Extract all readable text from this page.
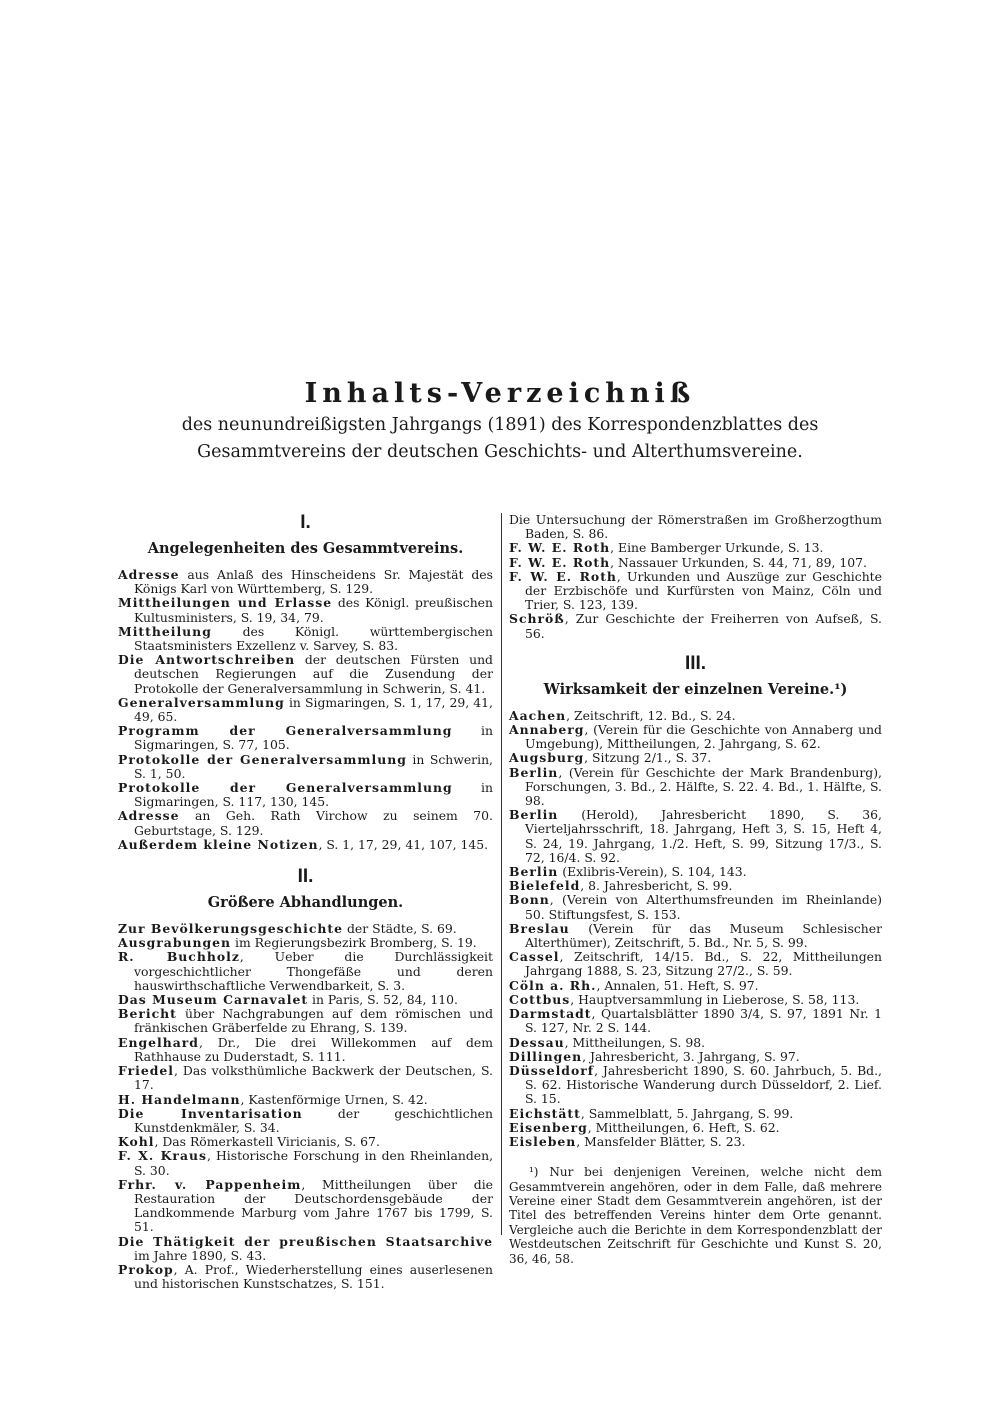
Inhalts-Verzeichniß
des neunundreißigsten Jahrgangs (1891) des Korrespondenzblattes des Gesammtvereins der deutschen Geschichts- und Alterthumsvereine.
I.
Angelegenheiten des Gesammtvereins.

Adresse aus Anlaß des Hinscheidens Sr. Majestät des Königs Karl von Württemberg, S. 129.

Mittheilungen und Erlasse des Königl. preußischen Kultusministers, S. 19, 34, 79.

Mittheilung des Königl. württembergischen Staatsministers Exzellenz v. Sarvey, S. 83.

Die Antwortschreiben der deutschen Fürsten und deutschen Regierungen auf die Zusendung der Protokolle der Generalversammlung in Schwerin, S. 41.

Generalversammlung in Sigmaringen, S. 1, 17, 29, 41, 49, 65.

Programm der Generalversammlung in Sigmaringen, S. 77, 105.

Protokolle der Generalversammlung in Schwerin, S. 1, 50.

Protokolle der Generalversammlung in Sigmaringen, S. 117, 130, 145.

Adresse an Geh. Rath Virchow zu seinem 70. Geburtstage, S. 129.

Außerdem kleine Notizen, S. 1, 17, 29, 41, 107, 145.

II.
Größere Abhandlungen.

Zur Bevölkerungsgeschichte der Städte, S. 69.

Ausgrabungen im Regierungsbezirk Bromberg, S. 19.

R. Buchholz, Ueber die Durchlässigkeit vorgeschichtlicher Thongefäße und deren hauswirthschaftliche Verwendbarkeit, S. 3.

Das Museum Carnavalet in Paris, S. 52, 84, 110.

Bericht über Nachgrabungen auf dem römischen und fränkischen Gräberfelde zu Ehrang, S. 139.

Engelhard, Dr., Die drei Willekommen auf dem Rathhause zu Duderstadt, S. 111.

Friedel, Das volksthümliche Backwerk der Deutschen, S. 17.

H. Handelmann, Kastenförmige Urnen, S. 42.

Die Inventarisation der geschichtlichen Kunstdenkmäler, S. 34.

Kohl, Das Römerkastell Viricianis, S. 67.

F. X. Kraus, Historische Forschung in den Rheinlanden, S. 30.

Frhr. v. Pappenheim, Mittheilungen über die Restauration der Deutschordensgebäude der Landkommende Marburg vom Jahre 1767 bis 1799, S. 51.

Die Thätigkeit der preußischen Staatsarchive im Jahre 1890, S. 43.

Prokop, A. Prof., Wiederherstellung eines auserlesenen und historischen Kunstschatzes, S. 151.

Die Untersuchung der Römerstraßen im Großherzogthum Baden, S. 86.

F. W. E. Roth, Eine Bamberger Urkunde, S. 13.

F. W. E. Roth, Nassauer Urkunden, S. 44, 71, 89, 107.

F. W. E. Roth, Urkunden und Auszüge zur Geschichte der Erzbischöfe und Kurfürsten von Mainz, Cöln und Trier, S. 123, 139.

Schröß, Zur Geschichte der Freiherren von Aufseß, S. 56.

III.
Wirksamkeit der einzelnen Vereine.¹)

Aachen, Zeitschrift, 12. Bd., S. 24.

Annaberg, (Verein für die Geschichte von Annaberg und Umgebung), Mittheilungen, 2. Jahrgang, S. 62.

Augsburg, Sitzung 2/1., S. 37.

Berlin, (Verein für Geschichte der Mark Brandenburg), Forschungen, 3. Bd., 2. Hälfte, S. 22. 4. Bd., 1. Hälfte, S. 98.

Berlin (Herold), Jahresbericht 1890, S. 36, Vierteljahrsschrift, 18. Jahrgang, Heft 3, S. 15, Heft 4, S. 24, 19. Jahrgang, 1./2. Heft, S. 99, Sitzung 17/3., S. 72, 16/4. S. 92.

Berlin (Exlibris-Verein), S. 104, 143.

Bielefeld, 8. Jahresbericht, S. 99.

Bonn, (Verein von Alterthumsfreunden im Rheinlande) 50. Stiftungsfest, S. 153.

Breslau (Verein für das Museum Schlesischer Alterthümer), Zeitschrift, 5. Bd., Nr. 5, S. 99.

Cassel, Zeitschrift, 14/15. Bd., S. 22, Mittheilungen Jahrgang 1888, S. 23, Sitzung 27/2., S. 59.

Cöln a. Rh., Annalen, 51. Heft, S. 97.

Cottbus, Hauptversammlung in Lieberose, S. 58, 113.

Darmstadt, Quartalsblätter 1890 3/4, S. 97, 1891 Nr. 1 S. 127, Nr. 2 S. 144.

Dessau, Mittheilungen, S. 98.

Dillingen, Jahresbericht, 3. Jahrgang, S. 97.

Düsseldorf, Jahresbericht 1890, S. 60. Jahrbuch, 5. Bd., S. 62. Historische Wanderung durch Düsseldorf, 2. Lief. S. 15.

Eichstätt, Sammelblatt, 5. Jahrgang, S. 99.

Eisenberg, Mittheilungen, 6. Heft, S. 62.

Eisleben, Mansfelder Blätter, S. 23.

¹) Nur bei denjenigen Vereinen, welche nicht dem Gesammtverein angehören, oder in dem Falle, daß mehrere Vereine einer Stadt dem Gesammtverein angehören, ist der Titel des betreffenden Vereins hinter dem Orte genannt. Vergleiche auch die Berichte in dem Korrespondenzblatt der Westdeutschen Zeitschrift für Geschichte und Kunst S. 20, 36, 46, 58.
